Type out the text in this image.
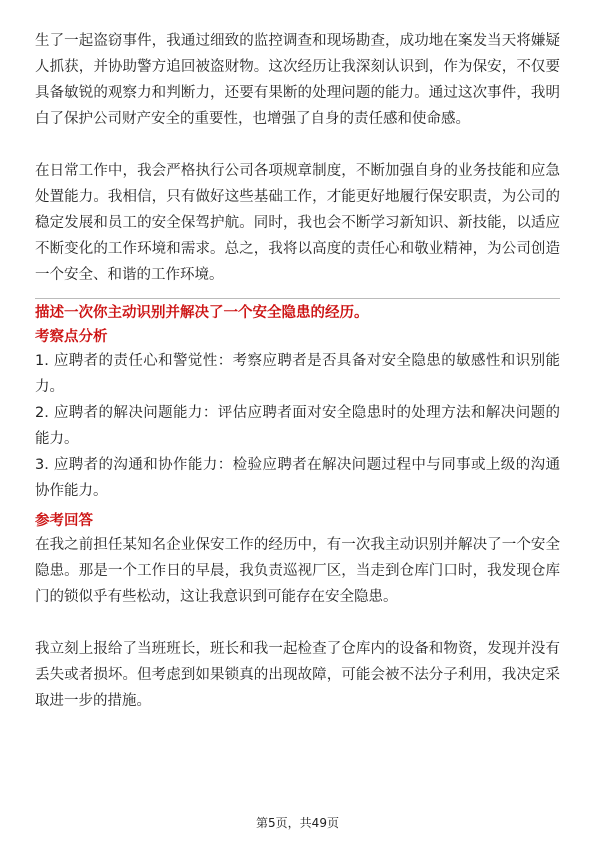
生了一起盗窃事件，我通过细致的监控调查和现场勘查，成功地在案发当天将嫌疑人抓获，并协助警方追回被盗财物。这次经历让我深刻认识到，作为保安，不仅要具备敏锐的观察力和判断力，还要有果断的处理问题的能力。通过这次事件，我明白了保护公司财产安全的重要性，也增强了自身的责任感和使命感。

在日常工作中，我会严格执行公司各项规章制度，不断加强自身的业务技能和应急处置能力。我相信，只有做好这些基础工作，才能更好地履行保安职责，为公司的稳定发展和员工的安全保驾护航。同时，我也会不断学习新知识、新技能，以适应不断变化的工作环境和需求。总之，我将以高度的责任心和敬业精神，为公司创造一个安全、和谐的工作环境。

描述一次你主动识别并解决了一个安全隐患的经历。
考察点分析

1. 应聘者的责任心和警觉性：考察应聘者是否具备对安全隐患的敏感性和识别能力。

2. 应聘者的解决问题能力：评估应聘者面对安全隐患时的处理方法和解决问题的能力。

3. 应聘者的沟通和协作能力：检验应聘者在解决问题过程中与同事或上级的沟通协作能力。

参考回答

在我之前担任某知名企业保安工作的经历中，有一次我主动识别并解决了一个安全隐患。那是一个工作日的早晨，我负责巡视厂区，当走到仓库门口时，我发现仓库门的锁似乎有些松动，这让我意识到可能存在安全隐患。

我立刻上报给了当班班长，班长和我一起检查了仓库内的设备和物资，发现并没有丢失或者损坏。但考虑到如果锁真的出现故障，可能会被不法分子利用，我决定采取进一步的措施。

第5页，共49页
